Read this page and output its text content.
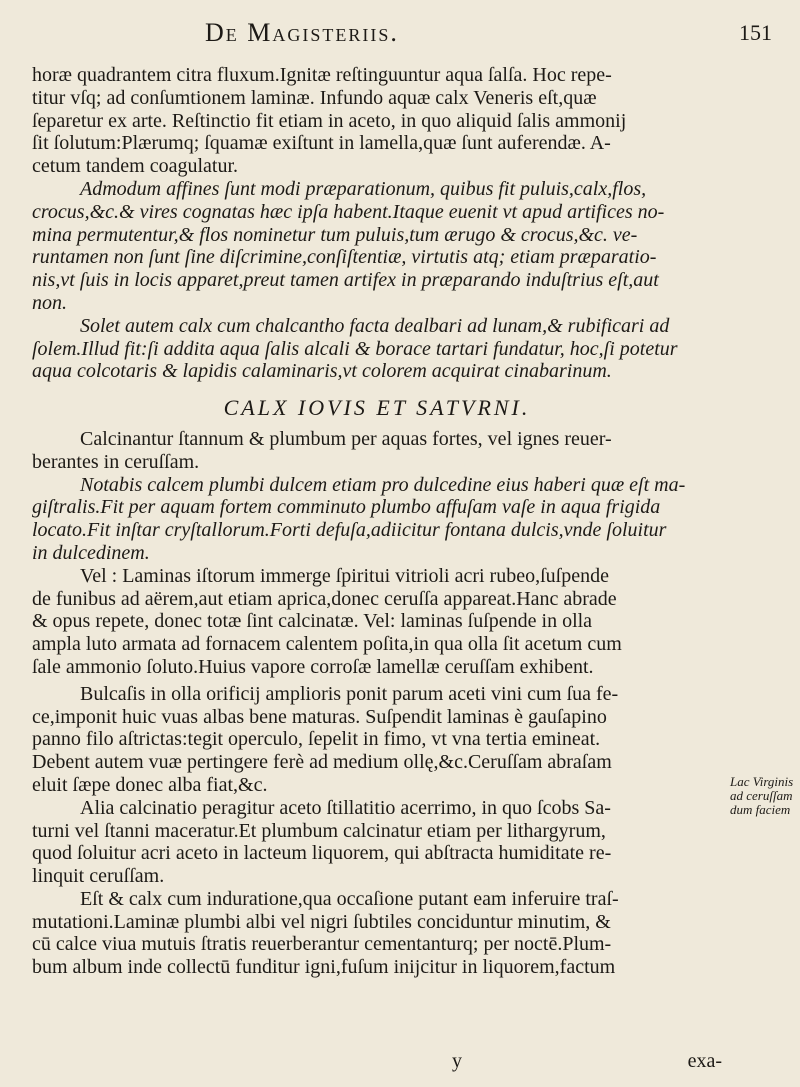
De Magisteriis.	151
horæ quadrantem citra fluxum.Ignitæ reſtinguuntur aqua ſalſa. Hoc repe-
titur vſq; ad conſumtionem laminæ. Infundo aquæ calx Veneris eſt,quæ
ſeparetur ex arte. Reſtinctio fit etiam in aceto, in quo aliquid ſalis ammonij
ſit ſolutum:Plærumq; ſquamæ exiſtunt in lamella,quæ ſunt auferendæ. A-
cetum tandem coagulatur.
Admodum affines ſunt modi præparationum, quibus fit puluis,calx,flos,
crocus,&c.& vires cognatas hæc ipſa habent.Itaque euenit vt apud artifices no-
mina permutentur,& flos nominetur tum puluis,tum ærugo & crocus,&c. ve-
runtamen non ſunt ſine diſcrimine,conſiſtentiæ, virtutis atq; etiam præparatio-
nis,vt ſuis in locis apparet,preut tamen artifex in præparando induſtrius eſt,aut
non.
Solet autem calx cum chalcantho facta dealbari ad lunam,& rubificari ad
ſolem.Illud fit:ſi addita aqua ſalis alcali & borace tartari fundatur, hoc,ſi potetur
aqua colcotaris & lapidis calaminaris,vt colorem acquirat cinabarinum.
CALX IOVIS ET SATVRNI.
Calcinantur ſtannum & plumbum per aquas fortes, vel ignes reuer-
berantes in ceruſſam.
Notabis calcem plumbi dulcem etiam pro dulcedine eius haberi quæ eſt ma-
giſtralis.Fit per aquam fortem comminuto plumbo affuſam vaſe in aqua frigida
locato.Fit inſtar cryſtallorum.Forti defuſa,adiicitur fontana dulcis,vnde ſoluitur
in dulcedinem.
Vel : Laminas iſtorum immerge ſpiritui vitrioli acri rubeo,ſuſpende
de funibus ad aërem,aut etiam aprica,donec ceruſſa appareat.Hanc abrade
& opus repete, donec totæ ſint calcinatæ. Vel: laminas ſuſpende in olla
ampla luto armata ad fornacem calentem poſita,in qua olla ſit acetum cum
ſale ammonio ſoluto.Huius vapore corroſæ lamellæ ceruſſam exhibent.
Bulcaſis in olla orificij amplioris ponit parum aceti vini cum ſua fe-
ce,imponit huic vuas albas bene maturas. Suſpendit laminas è gauſapino
panno filo aſtrictas:tegit operculo, ſepelit in fimo, vt vna tertia emineat.
Debent autem vuæ pertingere ferè ad medium ollę,&c.Ceruſſam abraſam
eluit ſæpe donec alba fiat,&c.
Alia calcinatio peragitur aceto ſtillatitio acerrimo, in quo ſcobs Sa-
turni vel ſtanni maceratur.Et plumbum calcinatur etiam per lithargyrum,
quod ſoluitur acri aceto in lacteum liquorem, qui abſtracta humiditate re-
linquit ceruſſam.
Eſt & calx cum induratione,qua occaſione putant eam inferuire traſ-
mutationi.Laminæ plumbi albi vel nigri ſubtiles conciduntur minutim, &
cū calce viua mutuis ſtratis reuerberantur cementanturq; per noctē.Plum-
bum album inde collectū funditur igni,fuſum inijcitur in liquorem,factum
Lac Virginis ad ceruſſam dum faciem
y	exa-
